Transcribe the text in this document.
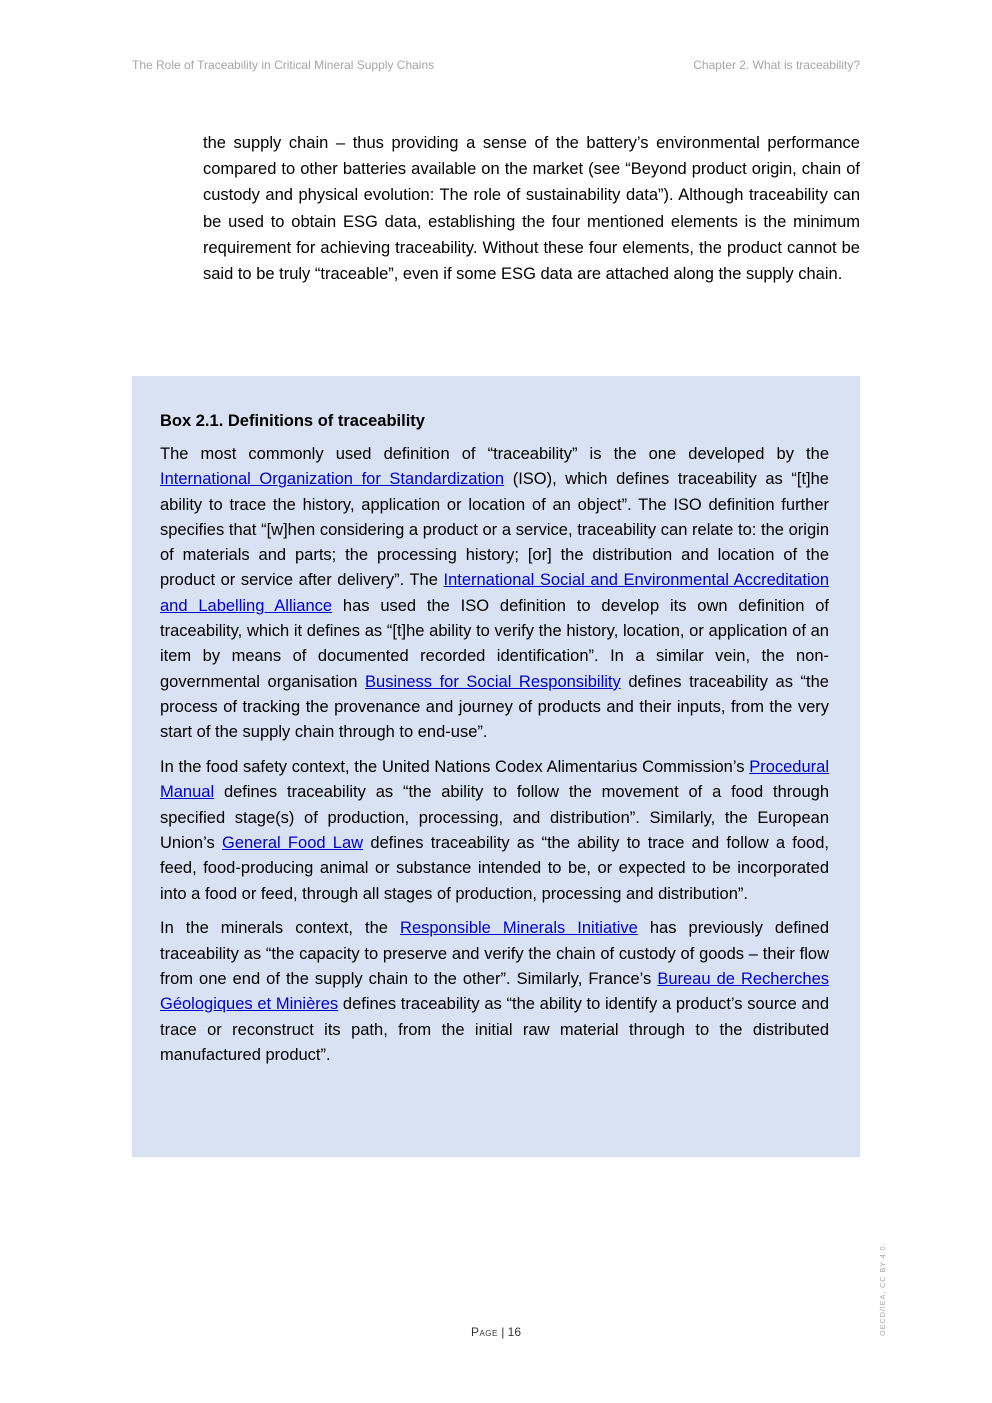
The Role of Traceability in Critical Mineral Supply Chains	Chapter 2. What is traceability?

the supply chain – thus providing a sense of the battery’s environmental performance compared to other batteries available on the market (see “Beyond product origin, chain of custody and physical evolution: The role of sustainability data”). Although traceability can be used to obtain ESG data, establishing the four mentioned elements is the minimum requirement for achieving traceability. Without these four elements, the product cannot be said to be truly “traceable”, even if some ESG data are attached along the supply chain.

Box 2.1. Definitions of traceability

The most commonly used definition of “traceability” is the one developed by the International Organization for Standardization (ISO), which defines traceability as “[t]he ability to trace the history, application or location of an object”. The ISO definition further specifies that “[w]hen considering a product or a service, traceability can relate to: the origin of materials and parts; the processing history; [or] the distribution and location of the product or service after delivery”. The International Social and Environmental Accreditation and Labelling Alliance has used the ISO definition to develop its own definition of traceability, which it defines as “[t]he ability to verify the history, location, or application of an item by means of documented recorded identification”. In a similar vein, the non-governmental organisation Business for Social Responsibility defines traceability as “the process of tracking the provenance and journey of products and their inputs, from the very start of the supply chain through to end-use”.

In the food safety context, the United Nations Codex Alimentarius Commission’s Procedural Manual defines traceability as “the ability to follow the movement of a food through specified stage(s) of production, processing, and distribution”. Similarly, the European Union’s General Food Law defines traceability as “the ability to trace and follow a food, feed, food-producing animal or substance intended to be, or expected to be incorporated into a food or feed, through all stages of production, processing and distribution”.

In the minerals context, the Responsible Minerals Initiative has previously defined traceability as “the capacity to preserve and verify the chain of custody of goods – their flow from one end of the supply chain to the other”. Similarly, France’s Bureau de Recherches Géologiques et Minières defines traceability as “the ability to identify a product’s source and trace or reconstruct its path, from the initial raw material through to the distributed manufactured product”.

Page | 16	OECD/IEA, CC BY 4.0.
